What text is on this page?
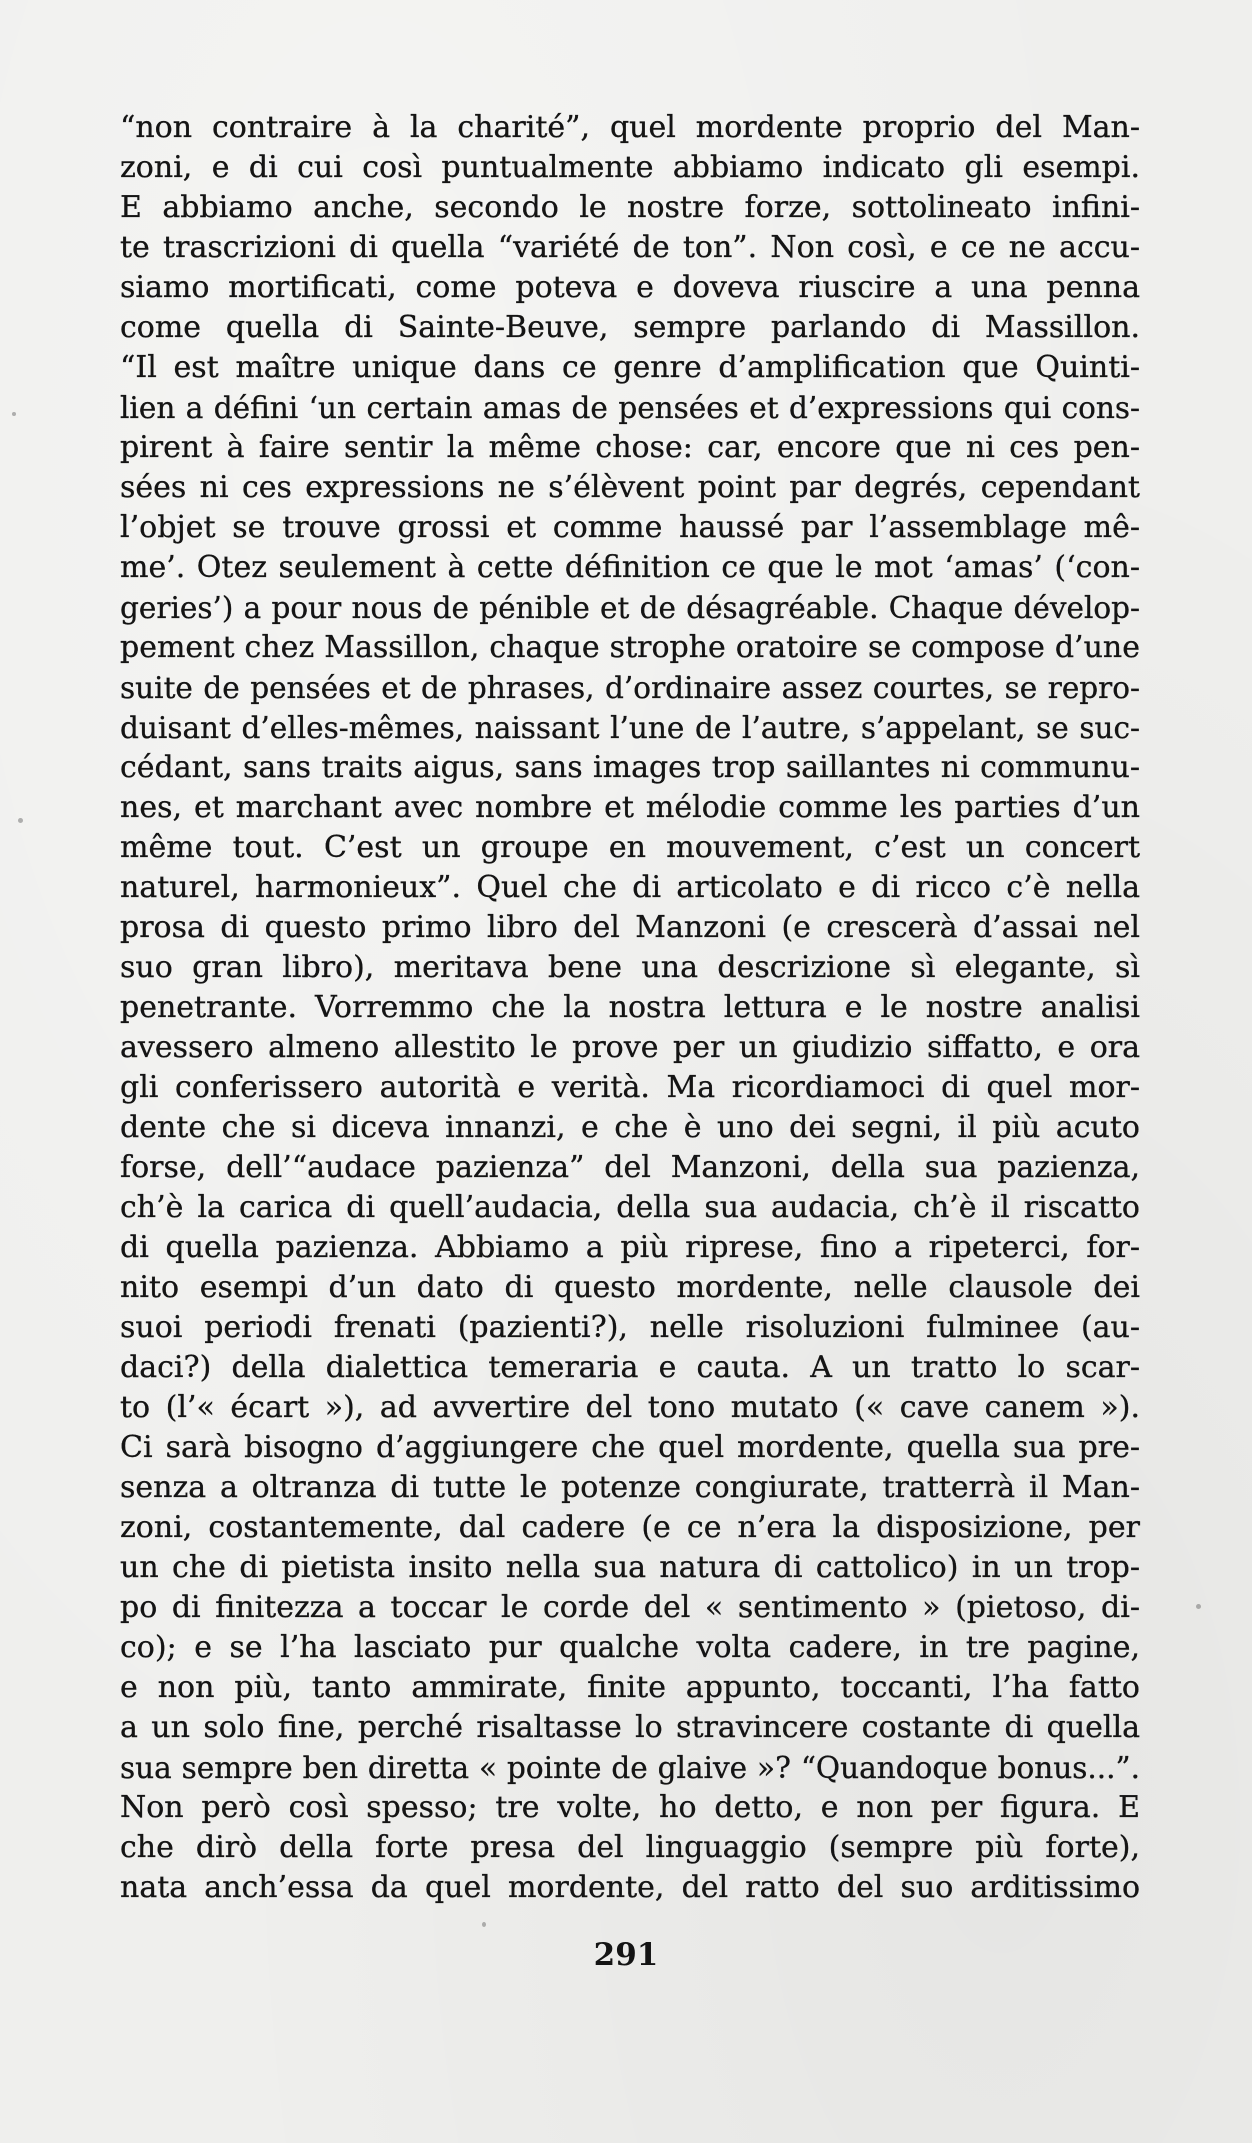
“non contraire à la charité”, quel mordente proprio del Man-
zoni, e di cui così puntualmente abbiamo indicato gli esempi.
E abbiamo anche, secondo le nostre forze, sottolineato infini-
te trascrizioni di quella “variété de ton”. Non così, e ce ne accu-
siamo mortificati, come poteva e doveva riuscire a una penna
come quella di Sainte-Beuve, sempre parlando di Massillon.
“Il est maître unique dans ce genre d’amplification que Quinti-
lien a défini ‘un certain amas de pensées et d’expressions qui cons-
pirent à faire sentir la même chose: car, encore que ni ces pen-
sées ni ces expressions ne s’élèvent point par degrés, cependant
l’objet se trouve grossi et comme haussé par l’assemblage mê-
me’. Otez seulement à cette définition ce que le mot ‘amas’ (‘con-
geries’) a pour nous de pénible et de désagréable. Chaque dévelop-
pement chez Massillon, chaque strophe oratoire se compose d’une
suite de pensées et de phrases, d’ordinaire assez courtes, se repro-
duisant d’elles-mêmes, naissant l’une de l’autre, s’appelant, se suc-
cédant, sans traits aigus, sans images trop saillantes ni communu-
nes, et marchant avec nombre et mélodie comme les parties d’un
même tout. C’est un groupe en mouvement, c’est un concert
naturel, harmonieux”. Quel che di articolato e di ricco c’è nella
prosa di questo primo libro del Manzoni (e crescerà d’assai nel
suo gran libro), meritava bene una descrizione sì elegante, sì
penetrante. Vorremmo che la nostra lettura e le nostre analisi
avessero almeno allestito le prove per un giudizio siffatto, e ora
gli conferissero autorità e verità. Ma ricordiamoci di quel mor-
dente che si diceva innanzi, e che è uno dei segni, il più acuto
forse, dell’“audace pazienza” del Manzoni, della sua pazienza,
ch’è la carica di quell’audacia, della sua audacia, ch’è il riscatto
di quella pazienza. Abbiamo a più riprese, fino a ripeterci, for-
nito esempi d’un dato di questo mordente, nelle clausole dei
suoi periodi frenati (pazienti?), nelle risoluzioni fulminee (au-
daci?) della dialettica temeraria e cauta. A un tratto lo scar-
to (l’« écart »), ad avvertire del tono mutato (« cave canem »).
Ci sarà bisogno d’aggiungere che quel mordente, quella sua pre-
senza a oltranza di tutte le potenze congiurate, tratterrà il Man-
zoni, costantemente, dal cadere (e ce n’era la disposizione, per
un che di pietista insito nella sua natura di cattolico) in un trop-
po di finitezza a toccar le corde del « sentimento » (pietoso, di-
co); e se l’ha lasciato pur qualche volta cadere, in tre pagine,
e non più, tanto ammirate, finite appunto, toccanti, l’ha fatto
a un solo fine, perché risaltasse lo stravincere costante di quella
sua sempre ben diretta « pointe de glaive »? “Quandoque bonus...”.
Non però così spesso; tre volte, ho detto, e non per figura. E
che dirò della forte presa del linguaggio (sempre più forte),
nata anch’essa da quel mordente, del ratto del suo arditissimo
291
